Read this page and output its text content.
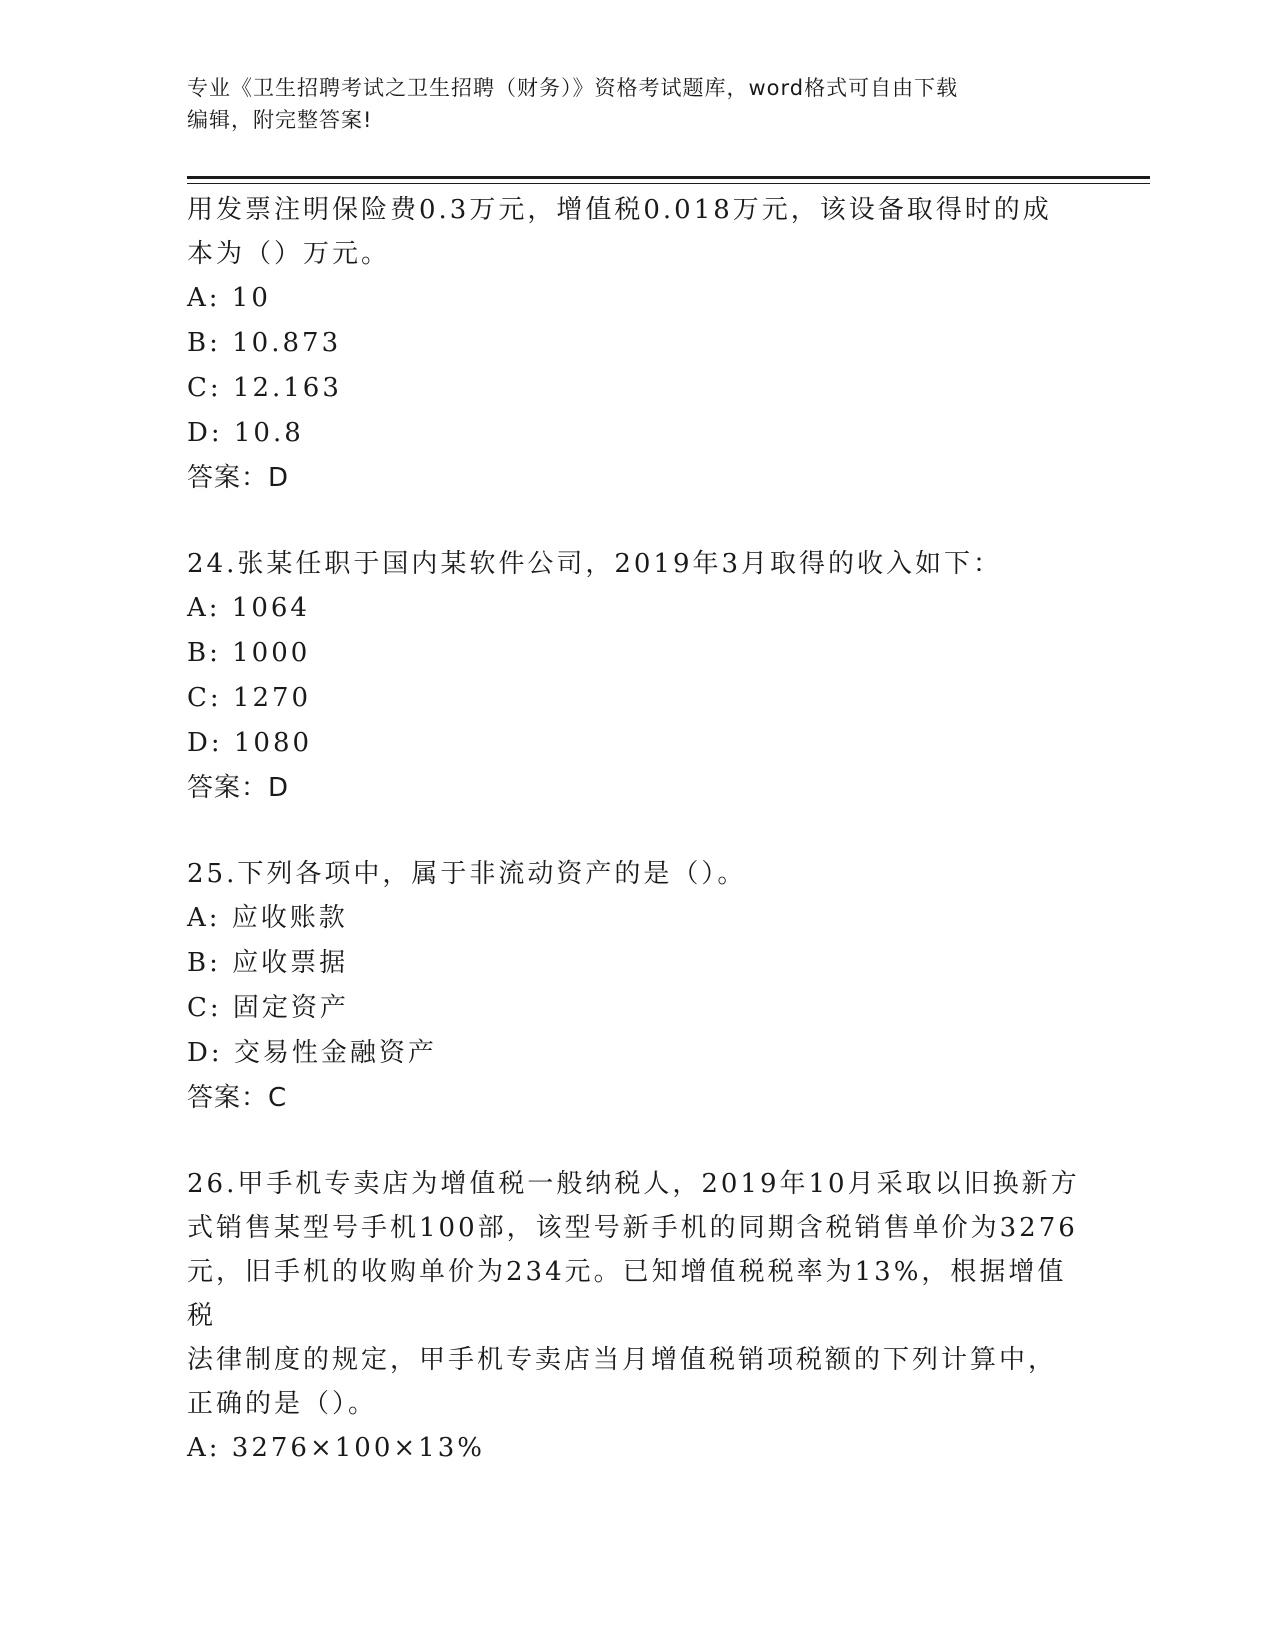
专业《卫生招聘考试之卫生招聘（财务）》资格考试题库，word格式可自由下载
编辑，附完整答案!

用发票注明保险费0.3万元，增值税0.018万元，该设备取得时的成

本为（）万元。

A: 10

B: 10.873

C: 12.163

D: 10.8

答案：D

24.张某任职于国内某软件公司，2019年3月取得的收入如下：

A: 1064

B: 1000

C: 1270

D: 1080

答案：D

25.下列各项中，属于非流动资产的是（）。

A: 应收账款

B: 应收票据

C: 固定资产

D: 交易性金融资产

答案：C

26.甲手机专卖店为增值税一般纳税人，2019年10月采取以旧换新方

式销售某型号手机100部，该型号新手机的同期含税销售单价为3276

元，旧手机的收购单价为234元。已知增值税税率为13%，根据增值税

法律制度的规定，甲手机专卖店当月增值税销项税额的下列计算中，

正确的是（）。

A: 3276×100×13%
